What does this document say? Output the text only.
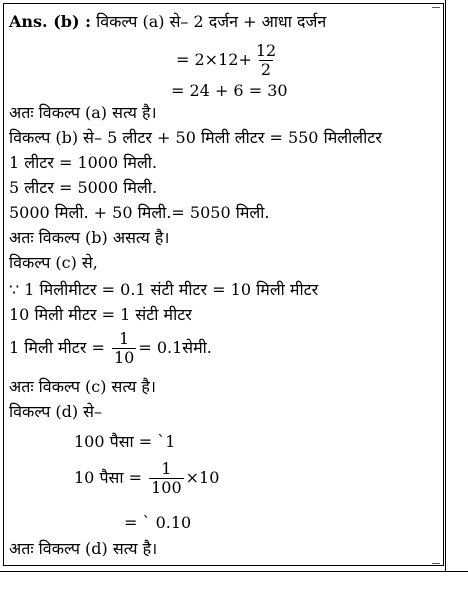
Ans. (b) : विकल्प (a) से– 2 दर्जन + आधा दर्जन
= $2\times 12+ \frac{12}{2}$
= 24 + 6 = 30
अतः विकल्प (a) सत्य है।
विकल्प (b) से– 5 लीटर + 50 मिली लीटर = 550 मिलीलीटर
1 लीटर = 1000 मिली.
5 लीटर = 5000 मिली.
5000 मिली. + 50 मिली.= 5050 मिली.
अतः विकल्प (b) असत्य है।
विकल्प (c) से,
∵ 1 मिलीमीटर = 0.1 संटी मीटर = 10 मिली मीटर
10 मिली मीटर = 1 संटी मीटर
1 मिली मीटर = $\frac{1}{10}$ = 0.1सेमी.
अतः विकल्प (c) सत्य है।
विकल्प (d) से–
100 पैसा = `1
10 पैसा = $\frac{1}{100} \times 10$
= ` 0.10
अतः विकल्प (d) सत्य है।
